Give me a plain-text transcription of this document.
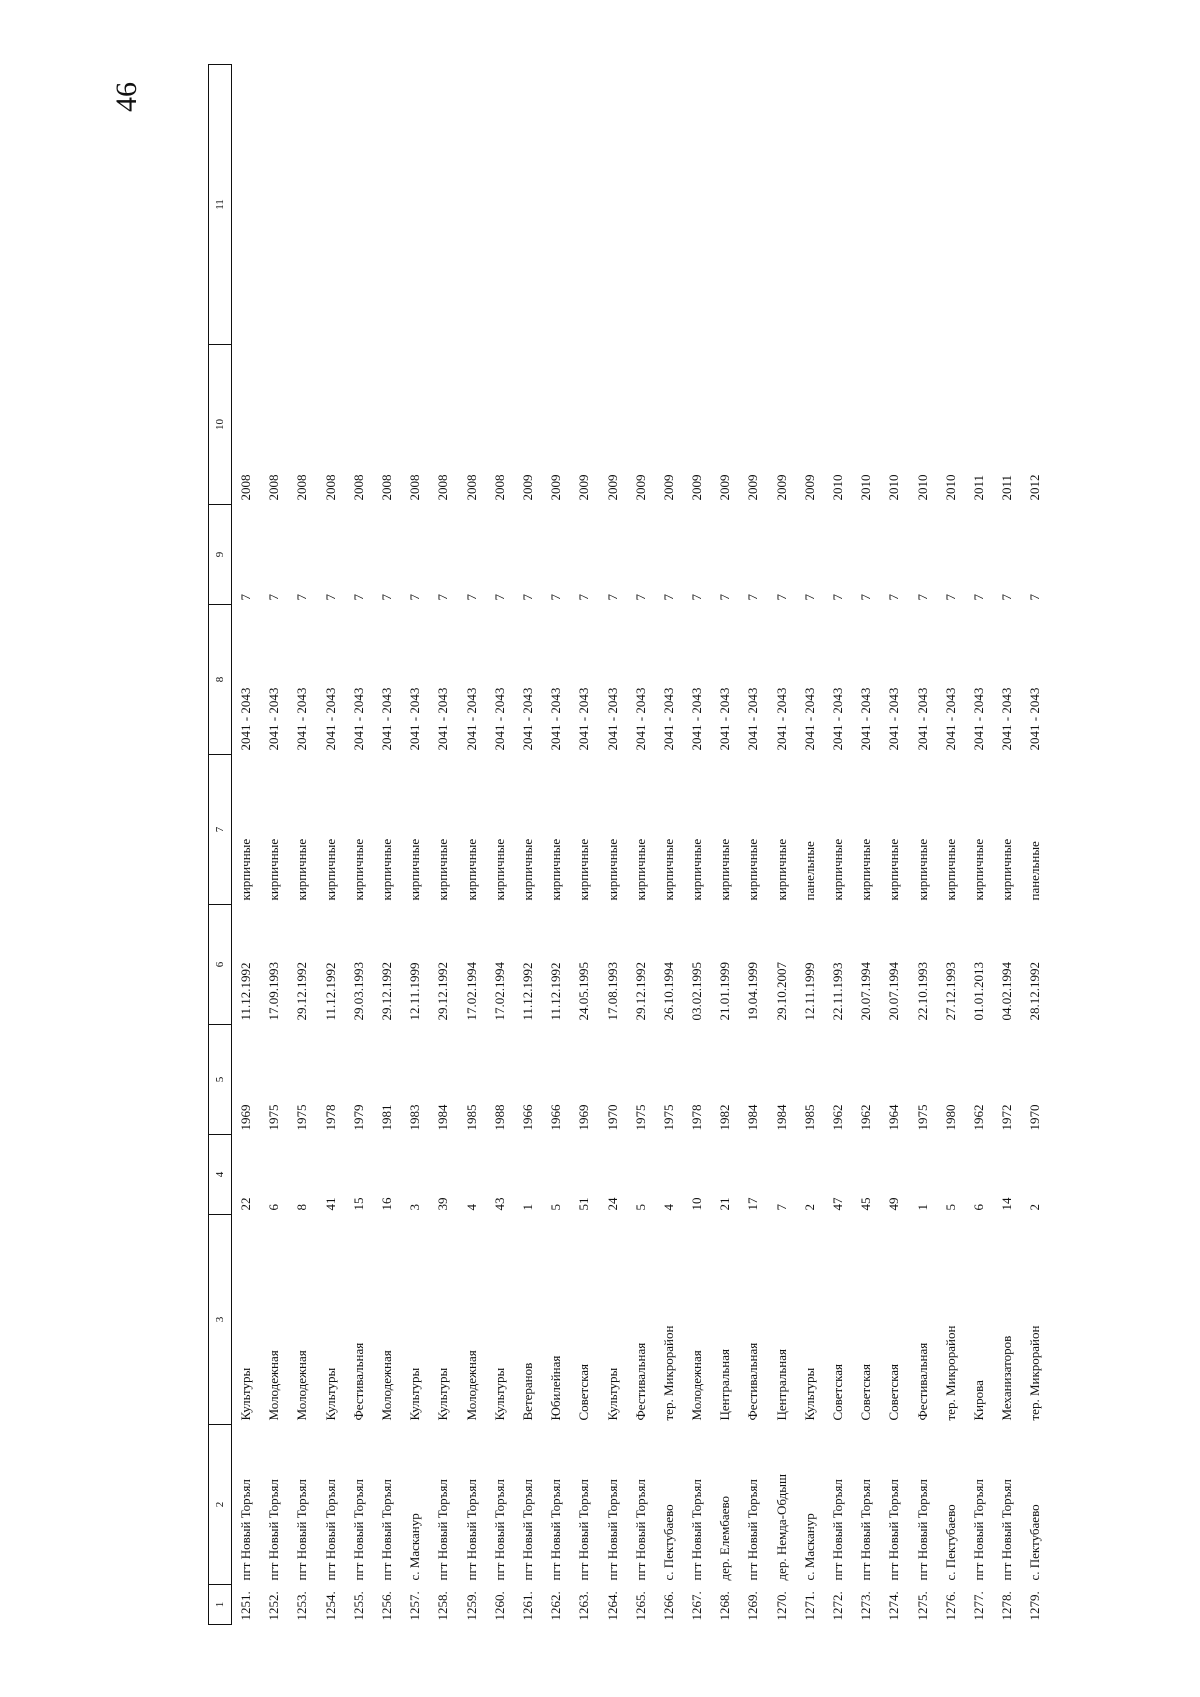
46
1	2	3	4	5	6	7	8	9	10	11
1251.	пгт Новый Торъял	Культуры	22	1969	11.12.1992	кирпичные	2041 - 2043	7	2008	
1252.	пгт Новый Торъял	Молодежная	6	1975	17.09.1993	кирпичные	2041 - 2043	7	2008	
1253.	пгт Новый Торъял	Молодежная	8	1975	29.12.1992	кирпичные	2041 - 2043	7	2008	
1254.	пгт Новый Торъял	Культуры	41	1978	11.12.1992	кирпичные	2041 - 2043	7	2008	
1255.	пгт Новый Торъял	Фестивальная	15	1979	29.03.1993	кирпичные	2041 - 2043	7	2008	
1256.	пгт Новый Торъял	Молодежная	16	1981	29.12.1992	кирпичные	2041 - 2043	7	2008	
1257.	с. Масканур	Культуры	3	1983	12.11.1999	кирпичные	2041 - 2043	7	2008	
1258.	пгт Новый Торъял	Культуры	39	1984	29.12.1992	кирпичные	2041 - 2043	7	2008	
1259.	пгт Новый Торъял	Молодежная	4	1985	17.02.1994	кирпичные	2041 - 2043	7	2008	
1260.	пгт Новый Торъял	Культуры	43	1988	17.02.1994	кирпичные	2041 - 2043	7	2008	
1261.	пгт Новый Торъял	Ветеранов	1	1966	11.12.1992	кирпичные	2041 - 2043	7	2009	
1262.	пгт Новый Торъял	Юбилейная	5	1966	11.12.1992	кирпичные	2041 - 2043	7	2009	
1263.	пгт Новый Торъял	Советская	51	1969	24.05.1995	кирпичные	2041 - 2043	7	2009	
1264.	пгт Новый Торъял	Культуры	24	1970	17.08.1993	кирпичные	2041 - 2043	7	2009	
1265.	пгт Новый Торъял	Фестивальная	5	1975	29.12.1992	кирпичные	2041 - 2043	7	2009	
1266.	с. Пектубаево	тер. Микрорайон	4	1975	26.10.1994	кирпичные	2041 - 2043	7	2009	
1267.	пгт Новый Торъял	Молодежная	10	1978	03.02.1995	кирпичные	2041 - 2043	7	2009	
1268.	дер. Елембаево	Центральная	21	1982	21.01.1999	кирпичные	2041 - 2043	7	2009	
1269.	пгт Новый Торъял	Фестивальная	17	1984	19.04.1999	кирпичные	2041 - 2043	7	2009	
1270.	дер. Немда-Обдыш	Центральная	7	1984	29.10.2007	кирпичные	2041 - 2043	7	2009	
1271.	с. Масканур	Культуры	2	1985	12.11.1999	панельные	2041 - 2043	7	2009	
1272.	пгт Новый Торъял	Советская	47	1962	22.11.1993	кирпичные	2041 - 2043	7	2010	
1273.	пгт Новый Торъял	Советская	45	1962	20.07.1994	кирпичные	2041 - 2043	7	2010	
1274.	пгт Новый Торъял	Советская	49	1964	20.07.1994	кирпичные	2041 - 2043	7	2010	
1275.	пгт Новый Торъял	Фестивальная	1	1975	22.10.1993	кирпичные	2041 - 2043	7	2010	
1276.	с. Пектубаево	тер. Микрорайон	5	1980	27.12.1993	кирпичные	2041 - 2043	7	2010	
1277.	пгт Новый Торъял	Кирова	6	1962	01.01.2013	кирпичные	2041 - 2043	7	2011	
1278.	пгт Новый Торъял	Механизаторов	14	1972	04.02.1994	кирпичные	2041 - 2043	7	2011	
1279.	с. Пектубаево	тер. Микрорайон	2	1970	28.12.1992	панельные	2041 - 2043	7	2012	
